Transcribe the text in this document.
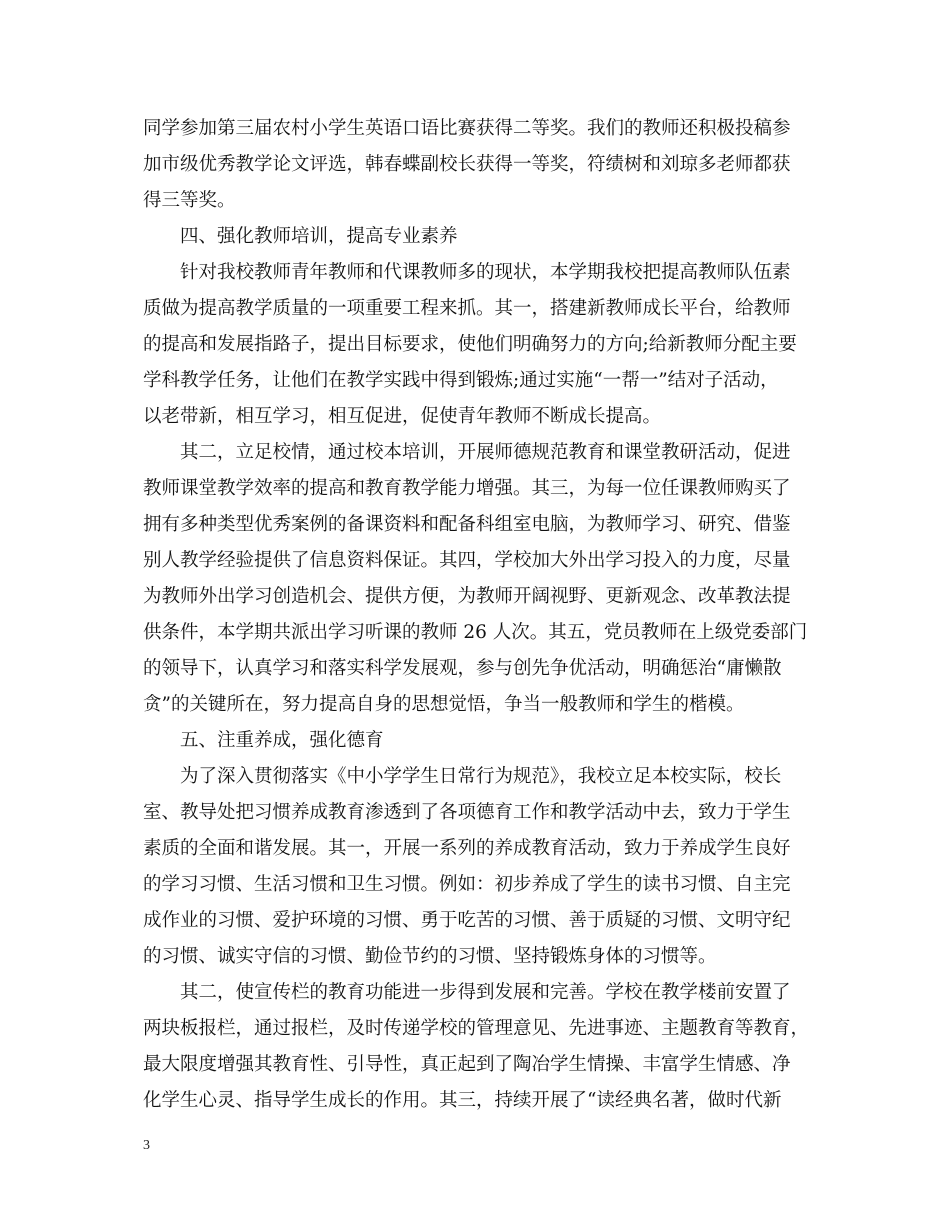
同学参加第三届农村小学生英语口语比赛获得二等奖。我们的教师还积极投稿参
加市级优秀教学论文评选，韩春蝶副校长获得一等奖，符绩树和刘琼多老师都获
得三等奖。
四、强化教师培训，提高专业素养
针对我校教师青年教师和代课教师多的现状，本学期我校把提高教师队伍素
质做为提高教学质量的一项重要工程来抓。其一，搭建新教师成长平台，给教师
的提高和发展指路子，提出目标要求，使他们明确努力的方向;给新教师分配主要
学科教学任务，让他们在教学实践中得到锻炼;通过实施“一帮一”结对子活动，
以老带新，相互学习，相互促进，促使青年教师不断成长提高。
其二，立足校情，通过校本培训，开展师德规范教育和课堂教研活动，促进
教师课堂教学效率的提高和教育教学能力增强。其三，为每一位任课教师购买了
拥有多种类型优秀案例的备课资料和配备科组室电脑，为教师学习、研究、借鉴
别人教学经验提供了信息资料保证。其四，学校加大外出学习投入的力度，尽量
为教师外出学习创造机会、提供方便，为教师开阔视野、更新观念、改革教法提
供条件，本学期共派出学习听课的教师 26 人次。其五，党员教师在上级党委部门
的领导下，认真学习和落实科学发展观，参与创先争优活动，明确惩治“庸懒散
贪”的关键所在，努力提高自身的思想觉悟，争当一般教师和学生的楷模。
五、注重养成，强化德育
为了深入贯彻落实《中小学学生日常行为规范》，我校立足本校实际，校长
室、教导处把习惯养成教育渗透到了各项德育工作和教学活动中去，致力于学生
素质的全面和谐发展。其一，开展一系列的养成教育活动，致力于养成学生良好
的学习习惯、生活习惯和卫生习惯。例如：初步养成了学生的读书习惯、自主完
成作业的习惯、爱护环境的习惯、勇于吃苦的习惯、善于质疑的习惯、文明守纪
的习惯、诚实守信的习惯、勤俭节约的习惯、坚持锻炼身体的习惯等。
其二，使宣传栏的教育功能进一步得到发展和完善。学校在教学楼前安置了
两块板报栏，通过报栏，及时传递学校的管理意见、先进事迹、主题教育等教育，
最大限度增强其教育性、引导性，真正起到了陶冶学生情操、丰富学生情感、净
化学生心灵、指导学生成长的作用。其三，持续开展了“读经典名著，做时代新
3
